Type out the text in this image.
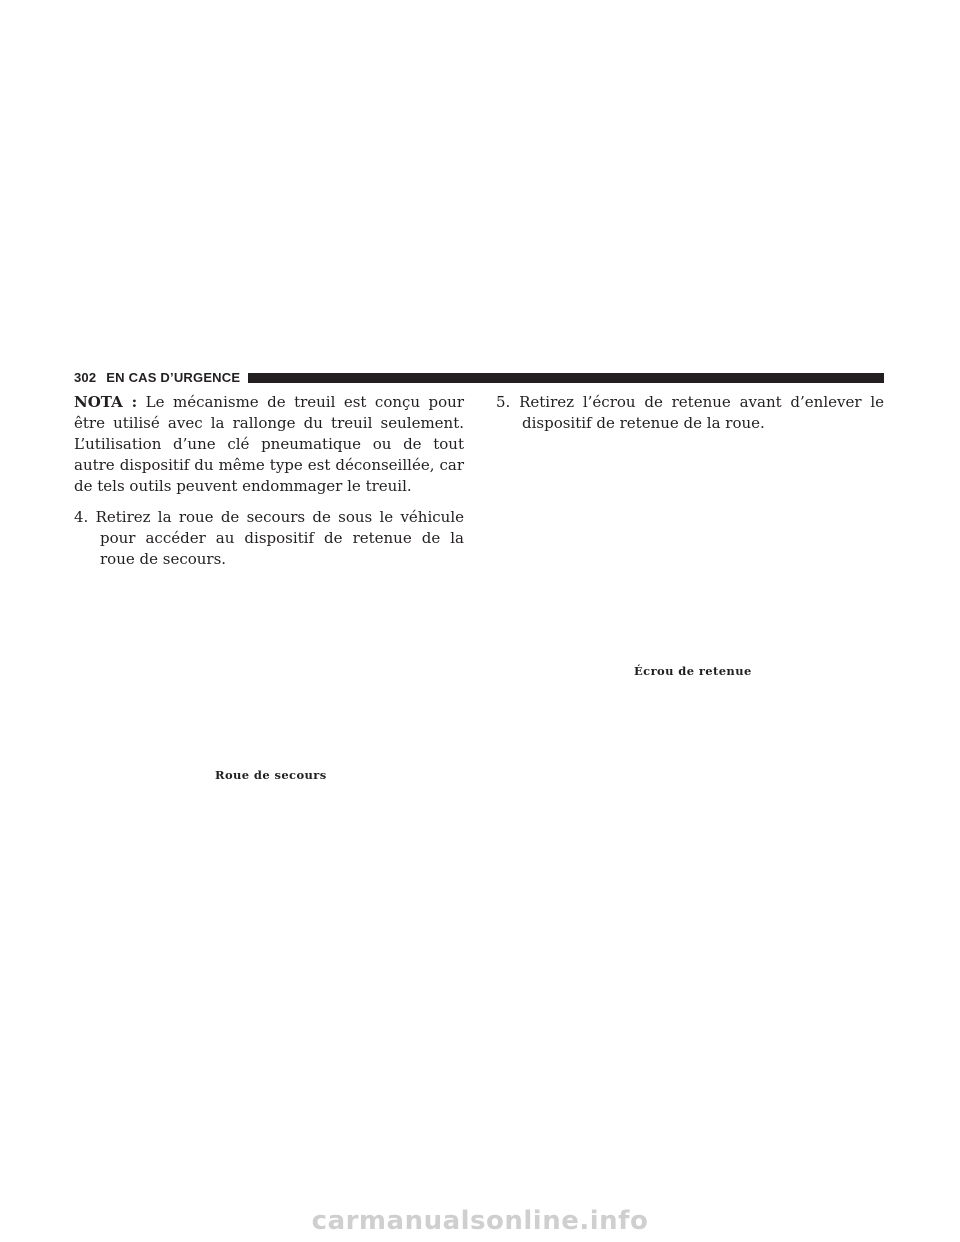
302 EN CAS D’URGENCE

NOTA : Le mécanisme de treuil est conçu pour être utilisé avec la rallonge du treuil seulement. L’utilisation d’une clé pneumatique ou de tout autre dispositif du même type est déconseillée, car de tels outils peuvent endommager le treuil.

4. Retirez la roue de secours de sous le véhicule pour accéder au dispositif de retenue de la roue de secours.

5. Retirez l’écrou de retenue avant d’enlever le dispositif de retenue de la roue.

Écrou de retenue
Roue de secours
carmanualsonline.info
